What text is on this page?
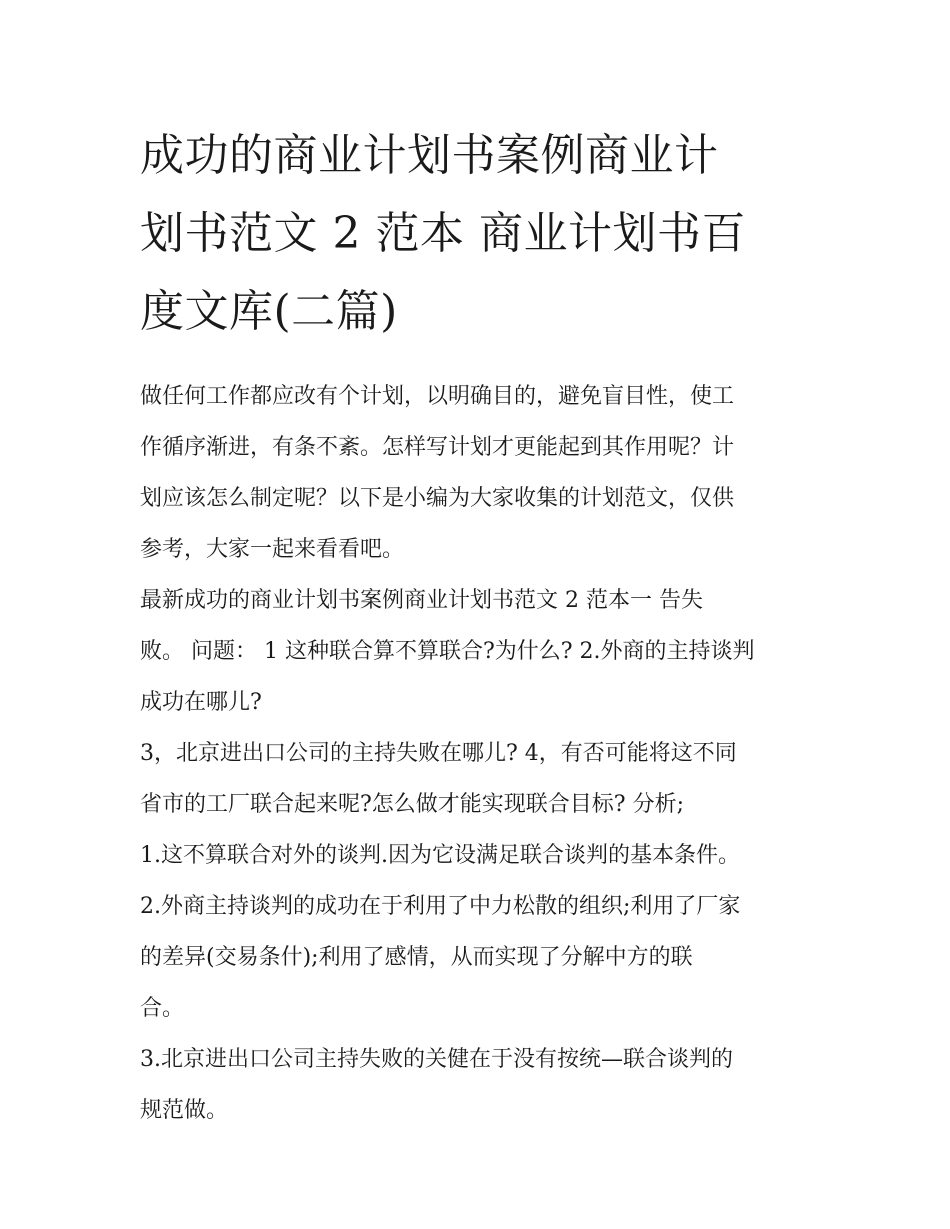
成功的商业计划书案例商业计
划书范文 2 范本 商业计划书百
度文库(二篇)

做任何工作都应改有个计划，以明确目的，避免盲目性，使工
作循序渐进，有条不紊。怎样写计划才更能起到其作用呢？计
划应该怎么制定呢？以下是小编为大家收集的计划范文，仅供
参考，大家一起来看看吧。

最新成功的商业计划书案例商业计划书范文 2 范本一 告失
败。 问题： 1 这种联合算不算联合?为什么? 2.外商的主持谈判
成功在哪儿?

3，北京进出口公司的主持失败在哪儿? 4，有否可能将这不同
省市的工厂联合起来呢?怎么做才能实现联合目标? 分析;

1.这不算联合对外的谈判.因为它设满足联合谈判的基本条件。

2.外商主持谈判的成功在于利用了中力松散的组织;利用了厂家
的差异(交易条什);利用了感情，从而实现了分解中方的联
合。

3.北京进出口公司主持失败的关健在于没有按统—联合谈判的
规范做。
